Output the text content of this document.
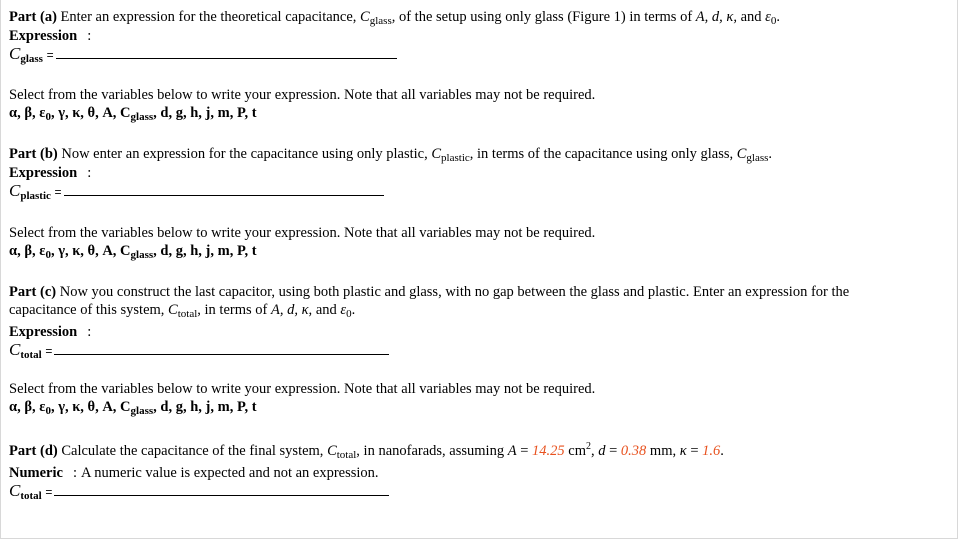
Part (a) Enter an expression for the theoretical capacitance, $C_{glass}$, of the setup using only glass (Figure 1) in terms of A, d, κ, and $\varepsilon_0$.
Expression :
$C_{glass}$ =
Select from the variables below to write your expression. Note that all variables may not be required.
α, β, $\varepsilon_0$, γ, κ, θ, A, $C_{glass}$, d, g, h, j, m, P, t
Part (b) Now enter an expression for the capacitance using only plastic, $C_{plastic}$, in terms of the capacitance using only glass, $C_{glass}$.
Expression :
$C_{plastic}$ =
Select from the variables below to write your expression. Note that all variables may not be required.
α, β, $\varepsilon_0$, γ, κ, θ, A, $C_{glass}$, d, g, h, j, m, P, t
Part (c) Now you construct the last capacitor, using both plastic and glass, with no gap between the glass and plastic. Enter an expression for the
capacitance of this system, $C_{total}$, in terms of A, d, κ, and $\varepsilon_0$.
Expression :
$C_{total}$ =
Select from the variables below to write your expression. Note that all variables may not be required.
α, β, $\varepsilon_0$, γ, κ, θ, A, $C_{glass}$, d, g, h, j, m, P, t
Part (d) Calculate the capacitance of the final system, $C_{total}$, in nanofarads, assuming A = 14.25 $cm^2$, d = 0.38 mm, κ = 1.6.
Numeric : A numeric value is expected and not an expression.
$C_{total}$ =
